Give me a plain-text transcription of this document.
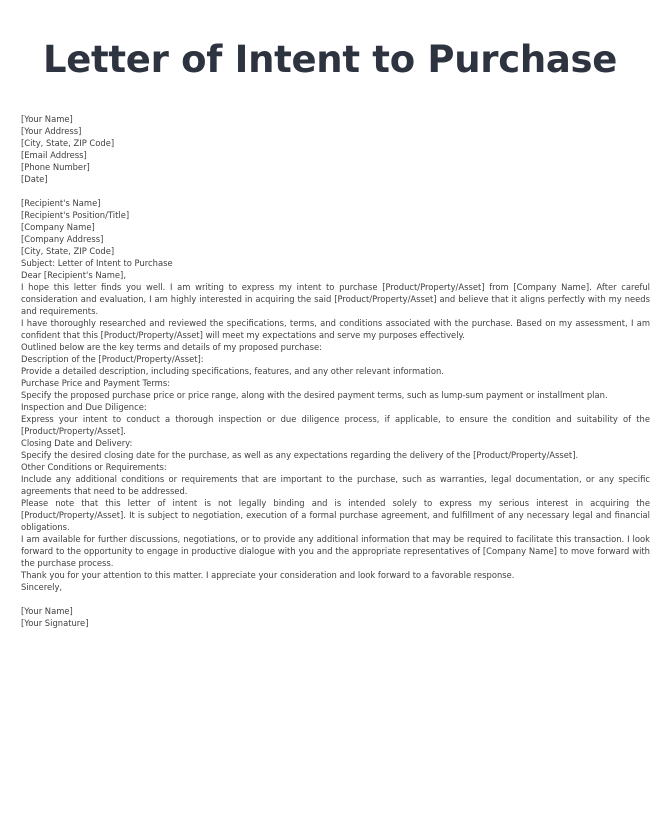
Letter of Intent to Purchase
[Your Name]
[Your Address]
[City, State, ZIP Code]
[Email Address]
[Phone Number]
[Date]
[Recipient's Name]
[Recipient's Position/Title]
[Company Name]
[Company Address]
[City, State, ZIP Code]

Subject: Letter of Intent to Purchase

Dear [Recipient's Name],

I hope this letter finds you well. I am writing to express my intent to purchase [Product/Property/Asset] from [Company Name]. After careful consideration and evaluation, I am highly interested in acquiring the said [Product/Property/Asset] and believe that it aligns perfectly with my needs and requirements.

I have thoroughly researched and reviewed the specifications, terms, and conditions associated with the purchase. Based on my assessment, I am confident that this [Product/Property/Asset] will meet my expectations and serve my purposes effectively.

Outlined below are the key terms and details of my proposed purchase:

Description of the [Product/Property/Asset]:

Provide a detailed description, including specifications, features, and any other relevant information.

Purchase Price and Payment Terms:

Specify the proposed purchase price or price range, along with the desired payment terms, such as lump-sum payment or installment plan.

Inspection and Due Diligence:

Express your intent to conduct a thorough inspection or due diligence process, if applicable, to ensure the condition and suitability of the [Product/Property/Asset].

Closing Date and Delivery:

Specify the desired closing date for the purchase, as well as any expectations regarding the delivery of the [Product/Property/Asset].

Other Conditions or Requirements:

Include any additional conditions or requirements that are important to the purchase, such as warranties, legal documentation, or any specific agreements that need to be addressed.

Please note that this letter of intent is not legally binding and is intended solely to express my serious interest in acquiring the [Product/Property/Asset]. It is subject to negotiation, execution of a formal purchase agreement, and fulfillment of any necessary legal and financial obligations.

I am available for further discussions, negotiations, or to provide any additional information that may be required to facilitate this transaction. I look forward to the opportunity to engage in productive dialogue with you and the appropriate representatives of [Company Name] to move forward with the purchase process.

Thank you for your attention to this matter. I appreciate your consideration and look forward to a favorable response.

Sincerely,

[Your Name]
[Your Signature]
